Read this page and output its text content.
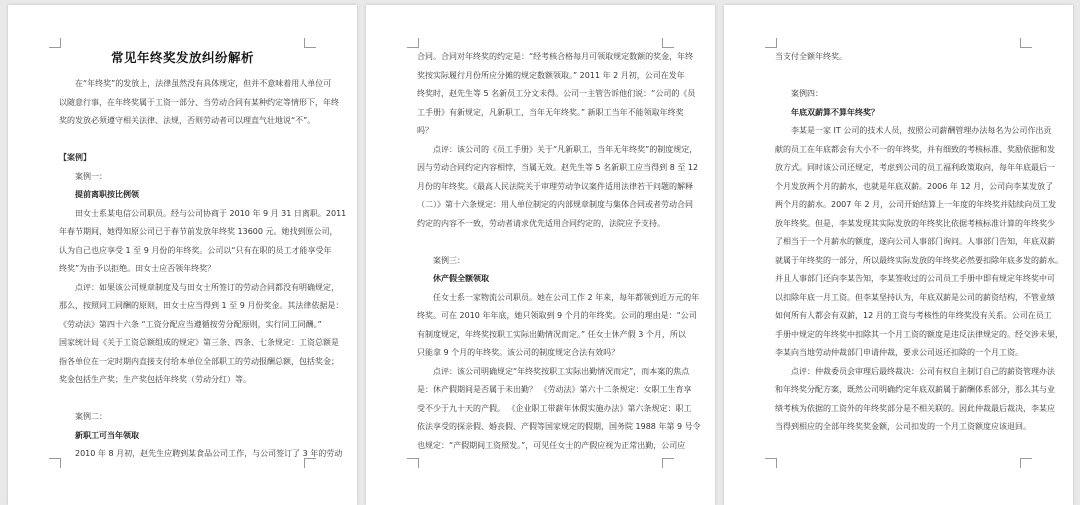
常见年终奖发放纠纷解析
在“年终奖”的发放上，法律虽然没有具体规定，但并不意味着用人单位可
以随意行事，在年终奖属于工资一部分、当劳动合同有某种约定等情形下，年终
奖的发放必须遵守相关法律、法规，否则劳动者可以理直气壮地说“不”。
【案例】
案例一：
提前离职按比例领
田女士系某电信公司职员。经与公司协商于 2010 年 9 月 31 日离职。2011
年春节期间，她得知原公司已于春节前发放年终奖 13600 元。她找到原公司，
认为自己也应享受 1 至 9 月份的年终奖。公司以“只有在职的员工才能享受年
终奖”为由予以拒绝。田女士应否领年终奖？
点评：如果该公司规章制度及与田女士所签订的劳动合同都没有明确规定，
那么，按照同工同酬的原则，田女士应当得到 1 至 9 月份奖金。其法律依据是：
《劳动法》第四十六条 “工资分配应当遵循按劳分配原则，实行同工同酬。”
国家统计局《关于工资总额组成的规定》第三条、四条、七条规定：工资总额是
指各单位在一定时期内直接支付给本单位全部职工的劳动报酬总额，包括奖金；
奖金包括生产奖；生产奖包括年终奖（劳动分红）等。
案例二：
新职工可当年领取
2010 年 8 月初，赵先生应聘到某食品公司工作，与公司签订了 3 年的劳动
合同。合同对年终奖的约定是：“经考核合格每月可领取规定数额的奖金，年终
奖按实际履行月份所应分摊的规定数额领取。” 2011 年 2 月初，公司在发年
终奖时，赵先生等 5 名新员工分文未得。公司一主管告诉他们说：“公司的《员
工手册》有新规定，凡新职工，当年无年终奖。” 新职工当年不能领取年终奖
吗？
点评：该公司的《员工手册》关于“凡新职工，当年无年终奖”的制度规定，
因与劳动合同约定内容相悖，当属无效。赵先生等 5 名新职工应当得到 8 至 12
月份的年终奖。《最高人民法院关于审理劳动争议案件适用法律若干问题的解释
（二）》第十六条规定：用人单位制定的内部规章制度与集体合同或者劳动合同
约定的内容不一致，劳动者请求优先适用合同约定的，法院应予支持。
案例三：
休产假全额领取
任女士系一家物流公司职员。她在公司工作 2 年来，每年都领到近万元的年
终奖。可在 2010 年年底，她只领取到 9 个月的年终奖。公司的理由是：“公司
有制度规定，年终奖按职工实际出勤情况而定。” 任女士休产假 3 个月，所以
只能拿 9 个月的年终奖。该公司的制度规定合法有效吗？
点评：该公司明确规定“年终奖按职工实际出勤情况而定”，而本案的焦点
是：休产假期间是否属于未出勤？ 《劳动法》第六十二条规定：女职工生育享
受不少于九十天的产假。 《企业职工带薪年休假实施办法》第六条规定：职工
依法享受的探亲假、婚丧假、产假等国家规定的假期，国务院 1988 年第 9 号令
也规定：“产假期间工资照发。”，可见任女士的产假应视为正常出勤，公司应
当支付全额年终奖。
案例四：
年底双薪算不算年终奖？
李某是一家 IT 公司的技术人员，按照公司薪酬管理办法每名为公司作出贡
献的员工在年底都会有大小不一的年终奖，并有细致的考核标准、奖励依据和发
放方式。同时该公司还规定，考虑到公司的员工福利政策取向，每年年底最后一
个月发放两个月的薪水，也就是年底双薪。2006 年 12 月，公司向李某发放了
两个月的薪水。2007 年 2 月，公司开始结算上一年度的年终奖并陆续向员工发
放年终奖。但是，李某发现其实际发放的年终奖比依据考核标准计算的年终奖少
了相当于一个月薪水的额度，遂向公司人事部门询问。人事部门告知，年底双薪
就属于年终奖的一部分，所以最终实际发放的年终奖必然要扣除年底多发的薪水。
并且人事部门还向李某告知，李某签收过的公司员工手册中即有规定年终奖中可
以扣除年底一月工资。但李某坚持认为，年底双薪是公司的薪资结构，不管业绩
如何所有人都会有双薪，12 月的工资与考核性的年终奖没有关系。公司在员工
手册中规定的年终奖中扣除其一个月工资的额度是违反法律规定的。经交涉未果，
李某向当地劳动仲裁部门申请仲裁，要求公司返还扣除的一个月工资。
点评：仲裁委员会审理后最终裁决：公司有权自主制订自己的薪资管理办法
和年终奖分配方案，既然公司明确约定年底双薪属于薪酬体系部分，那么其与业
绩考核为依据的工资外的年终奖部分是不相关联的。因此仲裁最后裁决，李某应
当得到相应的全部年终奖奖金额，公司扣发的一个月工资额度应该退回。
